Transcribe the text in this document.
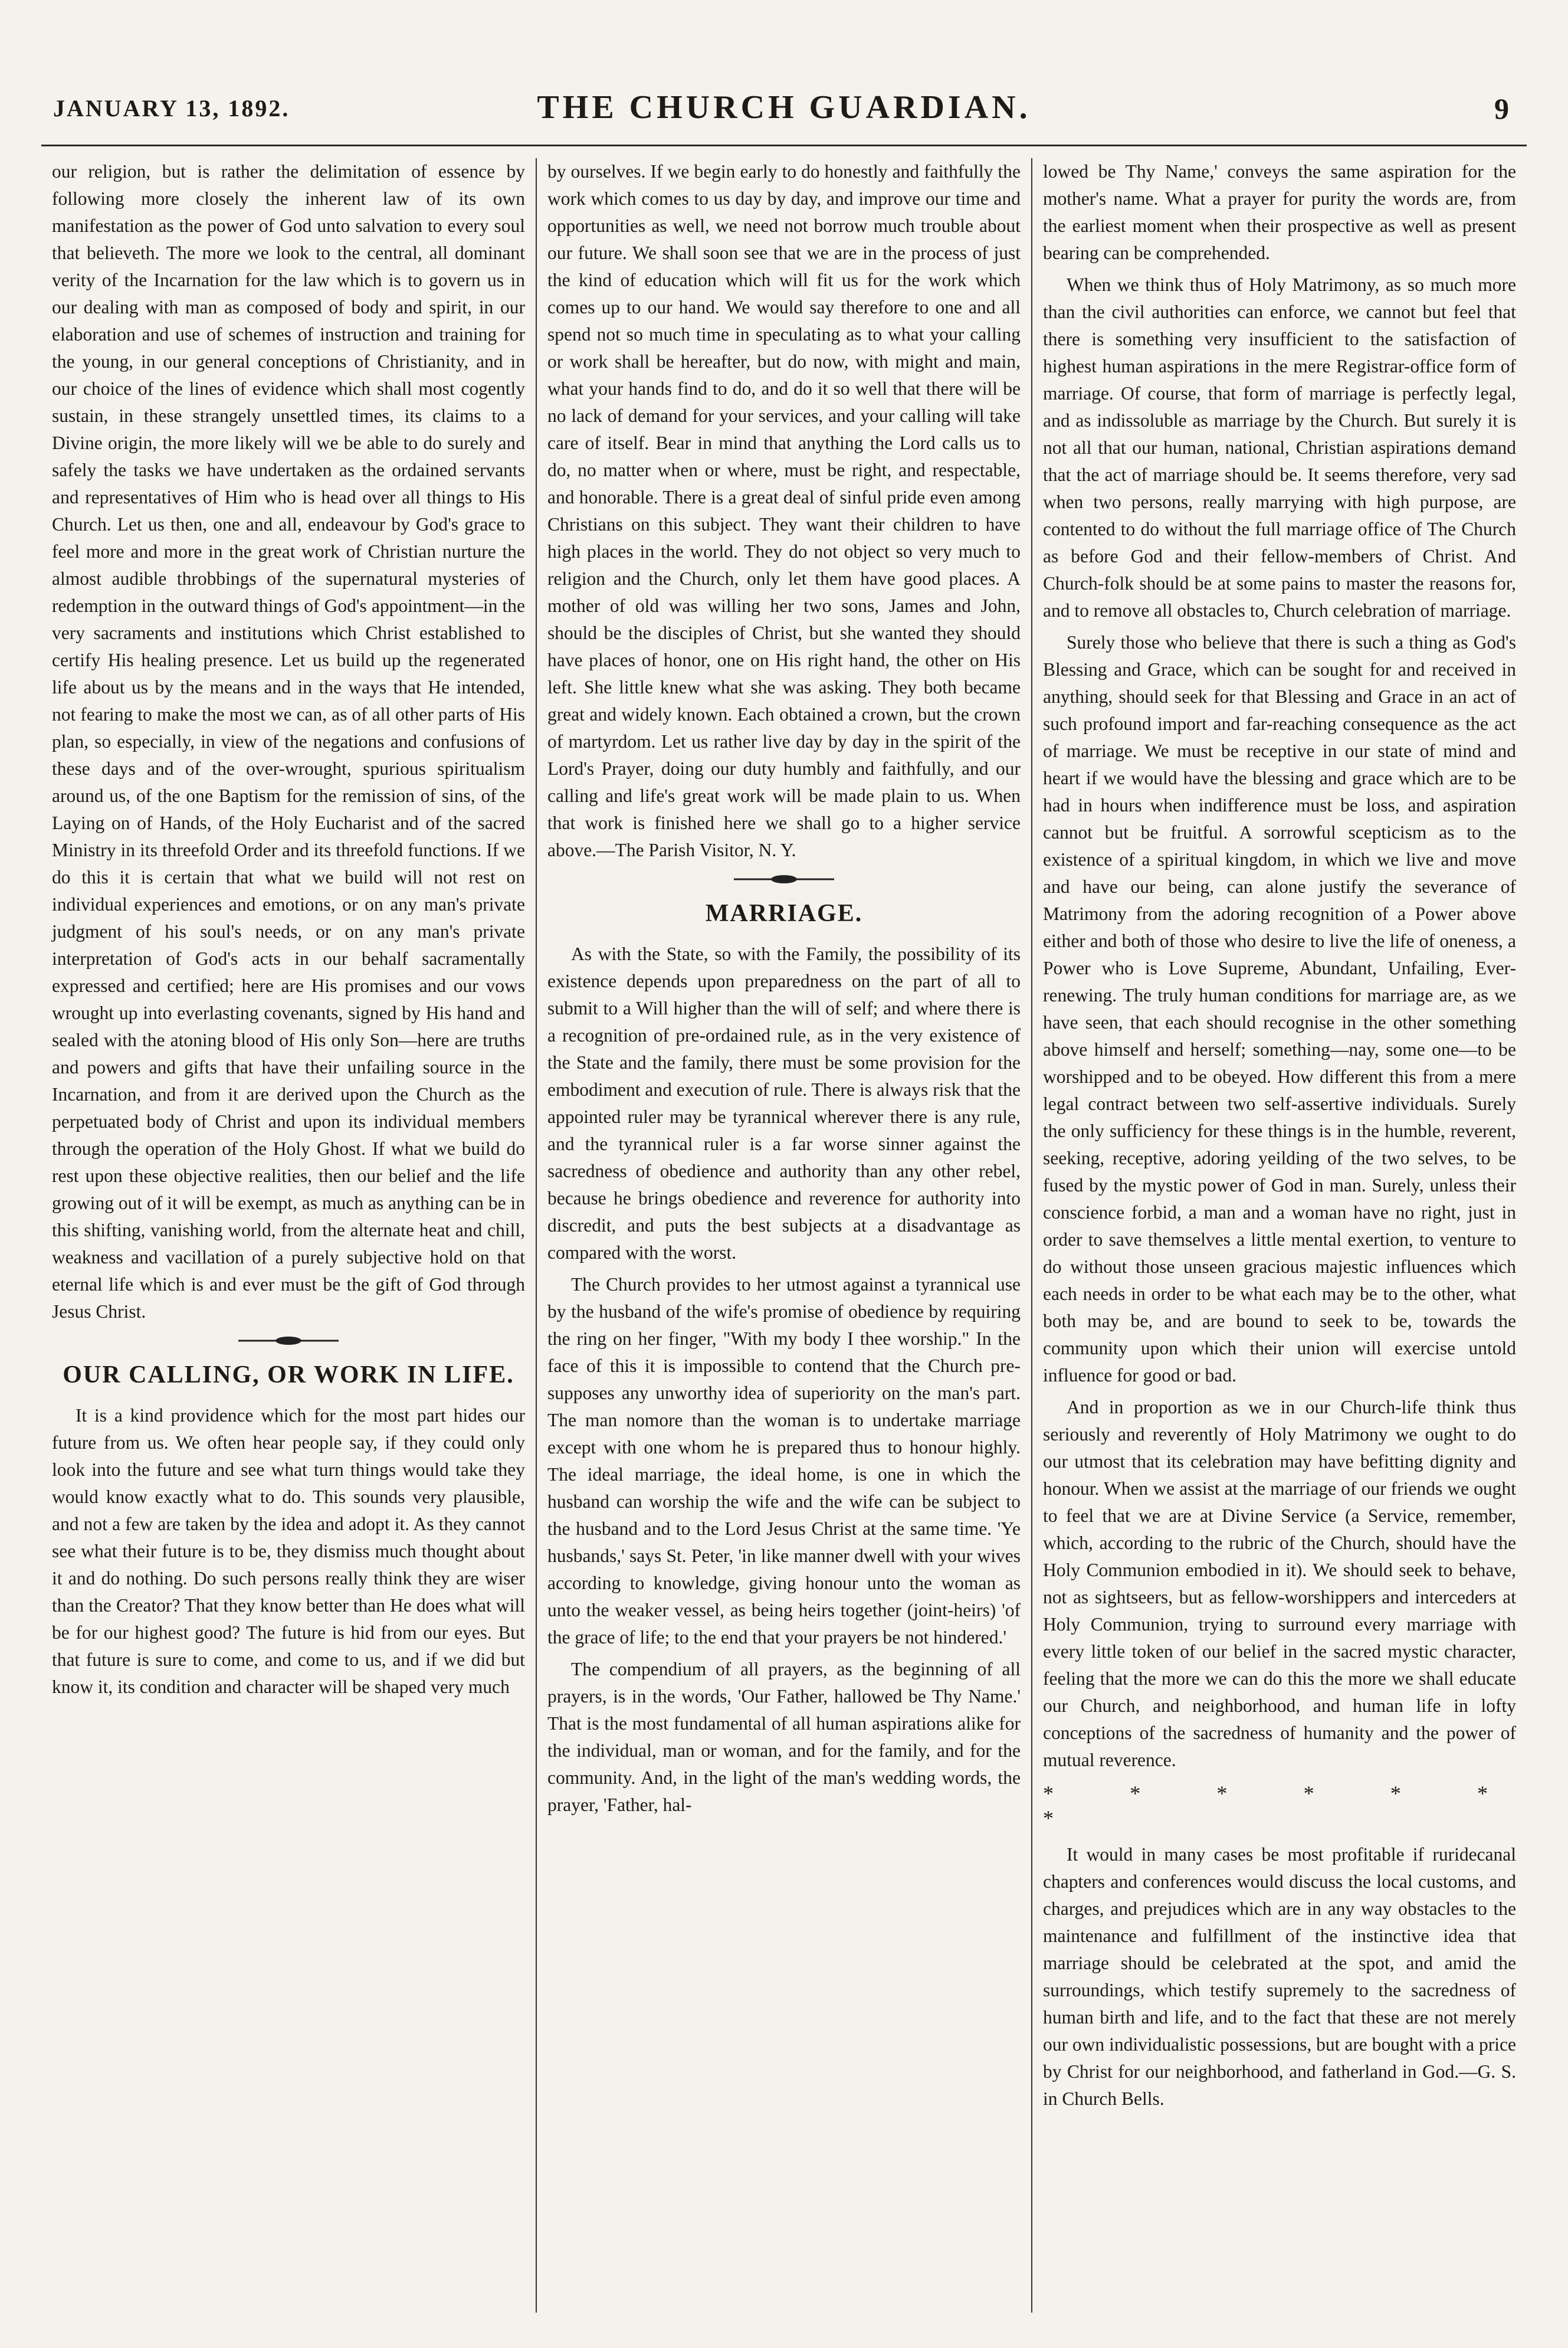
JANUARY 13, 1892.	THE CHURCH GUARDIAN.	9

our religion, but is rather the delimitation of essence by following more closely the inherent law of its own manifestation as the power of God unto salvation to every soul that believeth. The more we look to the central, all dominant verity of the Incarnation for the law which is to govern us in our dealing with man as composed of body and spirit, in our elaboration and use of schemes of instruction and training for the young, in our general conceptions of Christianity, and in our choice of the lines of evidence which shall most cogently sustain, in these strangely unsettled times, its claims to a Divine origin, the more likely will we be able to do surely and safely the tasks we have undertaken as the ordained servants and representatives of Him who is head over all things to His Church. Let us then, one and all, endeavour by God's grace to feel more and more in the great work of Christian nurture the almost audible throbbings of the supernatural mysteries of redemption in the outward things of God's appointment—in the very sacraments and institutions which Christ established to certify His healing presence. Let us build up the regenerated life about us by the means and in the ways that He intended, not fearing to make the most we can, as of all other parts of His plan, so especially, in view of the negations and confusions of these days and of the over-wrought, spurious spiritualism around us, of the one Baptism for the remission of sins, of the Laying on of Hands, of the Holy Eucharist and of the sacred Ministry in its threefold Order and its threefold functions. If we do this it is certain that what we build will not rest on individual experiences and emotions, or on any man's private judgment of his soul's needs, or on any man's private interpretation of God's acts in our behalf sacramentally expressed and certified; here are His promises and our vows wrought up into everlasting covenants, signed by His hand and sealed with the atoning blood of His only Son—here are truths and powers and gifts that have their unfailing source in the Incarnation, and from it are derived upon the Church as the perpetuated body of Christ and upon its individual members through the operation of the Holy Ghost. If what we build do rest upon these objective realities, then our belief and the life growing out of it will be exempt, as much as anything can be in this shifting, vanishing world, from the alternate heat and chill, weakness and vacillation of a purely subjective hold on that eternal life which is and ever must be the gift of God through Jesus Christ.

OUR CALLING, OR WORK IN LIFE.

It is a kind providence which for the most part hides our future from us. We often hear people say, if they could only look into the future and see what turn things would take they would know exactly what to do. This sounds very plausible, and not a few are taken by the idea and adopt it. As they cannot see what their future is to be, they dismiss much thought about it and do nothing. Do such persons really think they are wiser than the Creator? That they know better than He does what will be for our highest good? The future is hid from our eyes. But that future is sure to come, and come to us, and if we did but know it, its condition and character will be shaped very much

by ourselves. If we begin early to do honestly and faithfully the work which comes to us day by day, and improve our time and opportunities as well, we need not borrow much trouble about our future. We shall soon see that we are in the process of just the kind of education which will fit us for the work which comes up to our hand. We would say therefore to one and all spend not so much time in speculating as to what your calling or work shall be hereafter, but do now, with might and main, what your hands find to do, and do it so well that there will be no lack of demand for your services, and your calling will take care of itself. Bear in mind that anything the Lord calls us to do, no matter when or where, must be right, and respectable, and honorable. There is a great deal of sinful pride even among Christians on this subject. They want their children to have high places in the world. They do not object so very much to religion and the Church, only let them have good places. A mother of old was willing her two sons, James and John, should be the disciples of Christ, but she wanted they should have places of honor, one on His right hand, the other on His left. She little knew what she was asking. They both became great and widely known. Each obtained a crown, but the crown of martyrdom. Let us rather live day by day in the spirit of the Lord's Prayer, doing our duty humbly and faithfully, and our calling and life's great work will be made plain to us. When that work is finished here we shall go to a higher service above.—The Parish Visitor, N. Y.

MARRIAGE.

As with the State, so with the Family, the possibility of its existence depends upon preparedness on the part of all to submit to a Will higher than the will of self; and where there is a recognition of pre-ordained rule, as in the very existence of the State and the family, there must be some provision for the embodiment and execution of rule. There is always risk that the appointed ruler may be tyrannical wherever there is any rule, and the tyrannical ruler is a far worse sinner against the sacredness of obedience and authority than any other rebel, because he brings obedience and reverence for authority into discredit, and puts the best subjects at a disadvantage as compared with the worst.

The Church provides to her utmost against a tyrannical use by the husband of the wife's promise of obedience by requiring the ring on her finger, "With my body I thee worship." In the face of this it is impossible to contend that the Church pre-supposes any unworthy idea of superiority on the man's part. The man nomore than the woman is to undertake marriage except with one whom he is prepared thus to honour highly. The ideal marriage, the ideal home, is one in which the husband can worship the wife and the wife can be subject to the husband and to the Lord Jesus Christ at the same time. 'Ye husbands,' says St. Peter, 'in like manner dwell with your wives according to knowledge, giving honour unto the woman as unto the weaker vessel, as being heirs together (joint-heirs) 'of the grace of life; to the end that your prayers be not hindered.'

The compendium of all prayers, as the beginning of all prayers, is in the words, 'Our Father, hallowed be Thy Name.' That is the most fundamental of all human aspirations alike for the individual, man or woman, and for the family, and for the community. And, in the light of the man's wedding words, the prayer, 'Father, hal-

lowed be Thy Name,' conveys the same aspiration for the mother's name. What a prayer for purity the words are, from the earliest moment when their prospective as well as present bearing can be comprehended.

When we think thus of Holy Matrimony, as so much more than the civil authorities can enforce, we cannot but feel that there is something very insufficient to the satisfaction of highest human aspirations in the mere Registrar-office form of marriage. Of course, that form of marriage is perfectly legal, and as indissoluble as marriage by the Church. But surely it is not all that our human, national, Christian aspirations demand that the act of marriage should be. It seems therefore, very sad when two persons, really marrying with high purpose, are contented to do without the full marriage office of The Church as before God and their fellow-members of Christ. And Church-folk should be at some pains to master the reasons for, and to remove all obstacles to, Church celebration of marriage.

Surely those who believe that there is such a thing as God's Blessing and Grace, which can be sought for and received in anything, should seek for that Blessing and Grace in an act of such profound import and far-reaching consequence as the act of marriage. We must be receptive in our state of mind and heart if we would have the blessing and grace which are to be had in hours when indifference must be loss, and aspiration cannot but be fruitful. A sorrowful scepticism as to the existence of a spiritual kingdom, in which we live and move and have our being, can alone justify the severance of Matrimony from the adoring recognition of a Power above either and both of those who desire to live the life of oneness, a Power who is Love Supreme, Abundant, Unfailing, Ever-renewing. The truly human conditions for marriage are, as we have seen, that each should recognise in the other something above himself and herself; something—nay, some one—to be worshipped and to be obeyed. How different this from a mere legal contract between two self-assertive individuals. Surely the only sufficiency for these things is in the humble, reverent, seeking, receptive, adoring yeilding of the two selves, to be fused by the mystic power of God in man. Surely, unless their conscience forbid, a man and a woman have no right, just in order to save themselves a little mental exertion, to venture to do without those unseen gracious majestic influences which each needs in order to be what each may be to the other, what both may be, and are bound to seek to be, towards the community upon which their union will exercise untold influence for good or bad.

And in proportion as we in our Church-life think thus seriously and reverently of Holy Matrimony we ought to do our utmost that its celebration may have befitting dignity and honour. When we assist at the marriage of our friends we ought to feel that we are at Divine Service (a Service, remember, which, according to the rubric of the Church, should have the Holy Communion embodied in it). We should seek to behave, not as sightseers, but as fellow-worshippers and interceders at Holy Communion, trying to surround every marriage with every little token of our belief in the sacred mystic character, feeling that the more we can do this the more we shall educate our Church, and neighborhood, and human life in lofty conceptions of the sacredness of humanity and the power of mutual reverence.

* * * * * * *

It would in many cases be most profitable if ruridecanal chapters and conferences would discuss the local customs, and charges, and prejudices which are in any way obstacles to the maintenance and fulfillment of the instinctive idea that marriage should be celebrated at the spot, and amid the surroundings, which testify supremely to the sacredness of human birth and life, and to the fact that these are not merely our own individualistic possessions, but are bought with a price by Christ for our neighborhood, and fatherland in God.—G. S. in Church Bells.
